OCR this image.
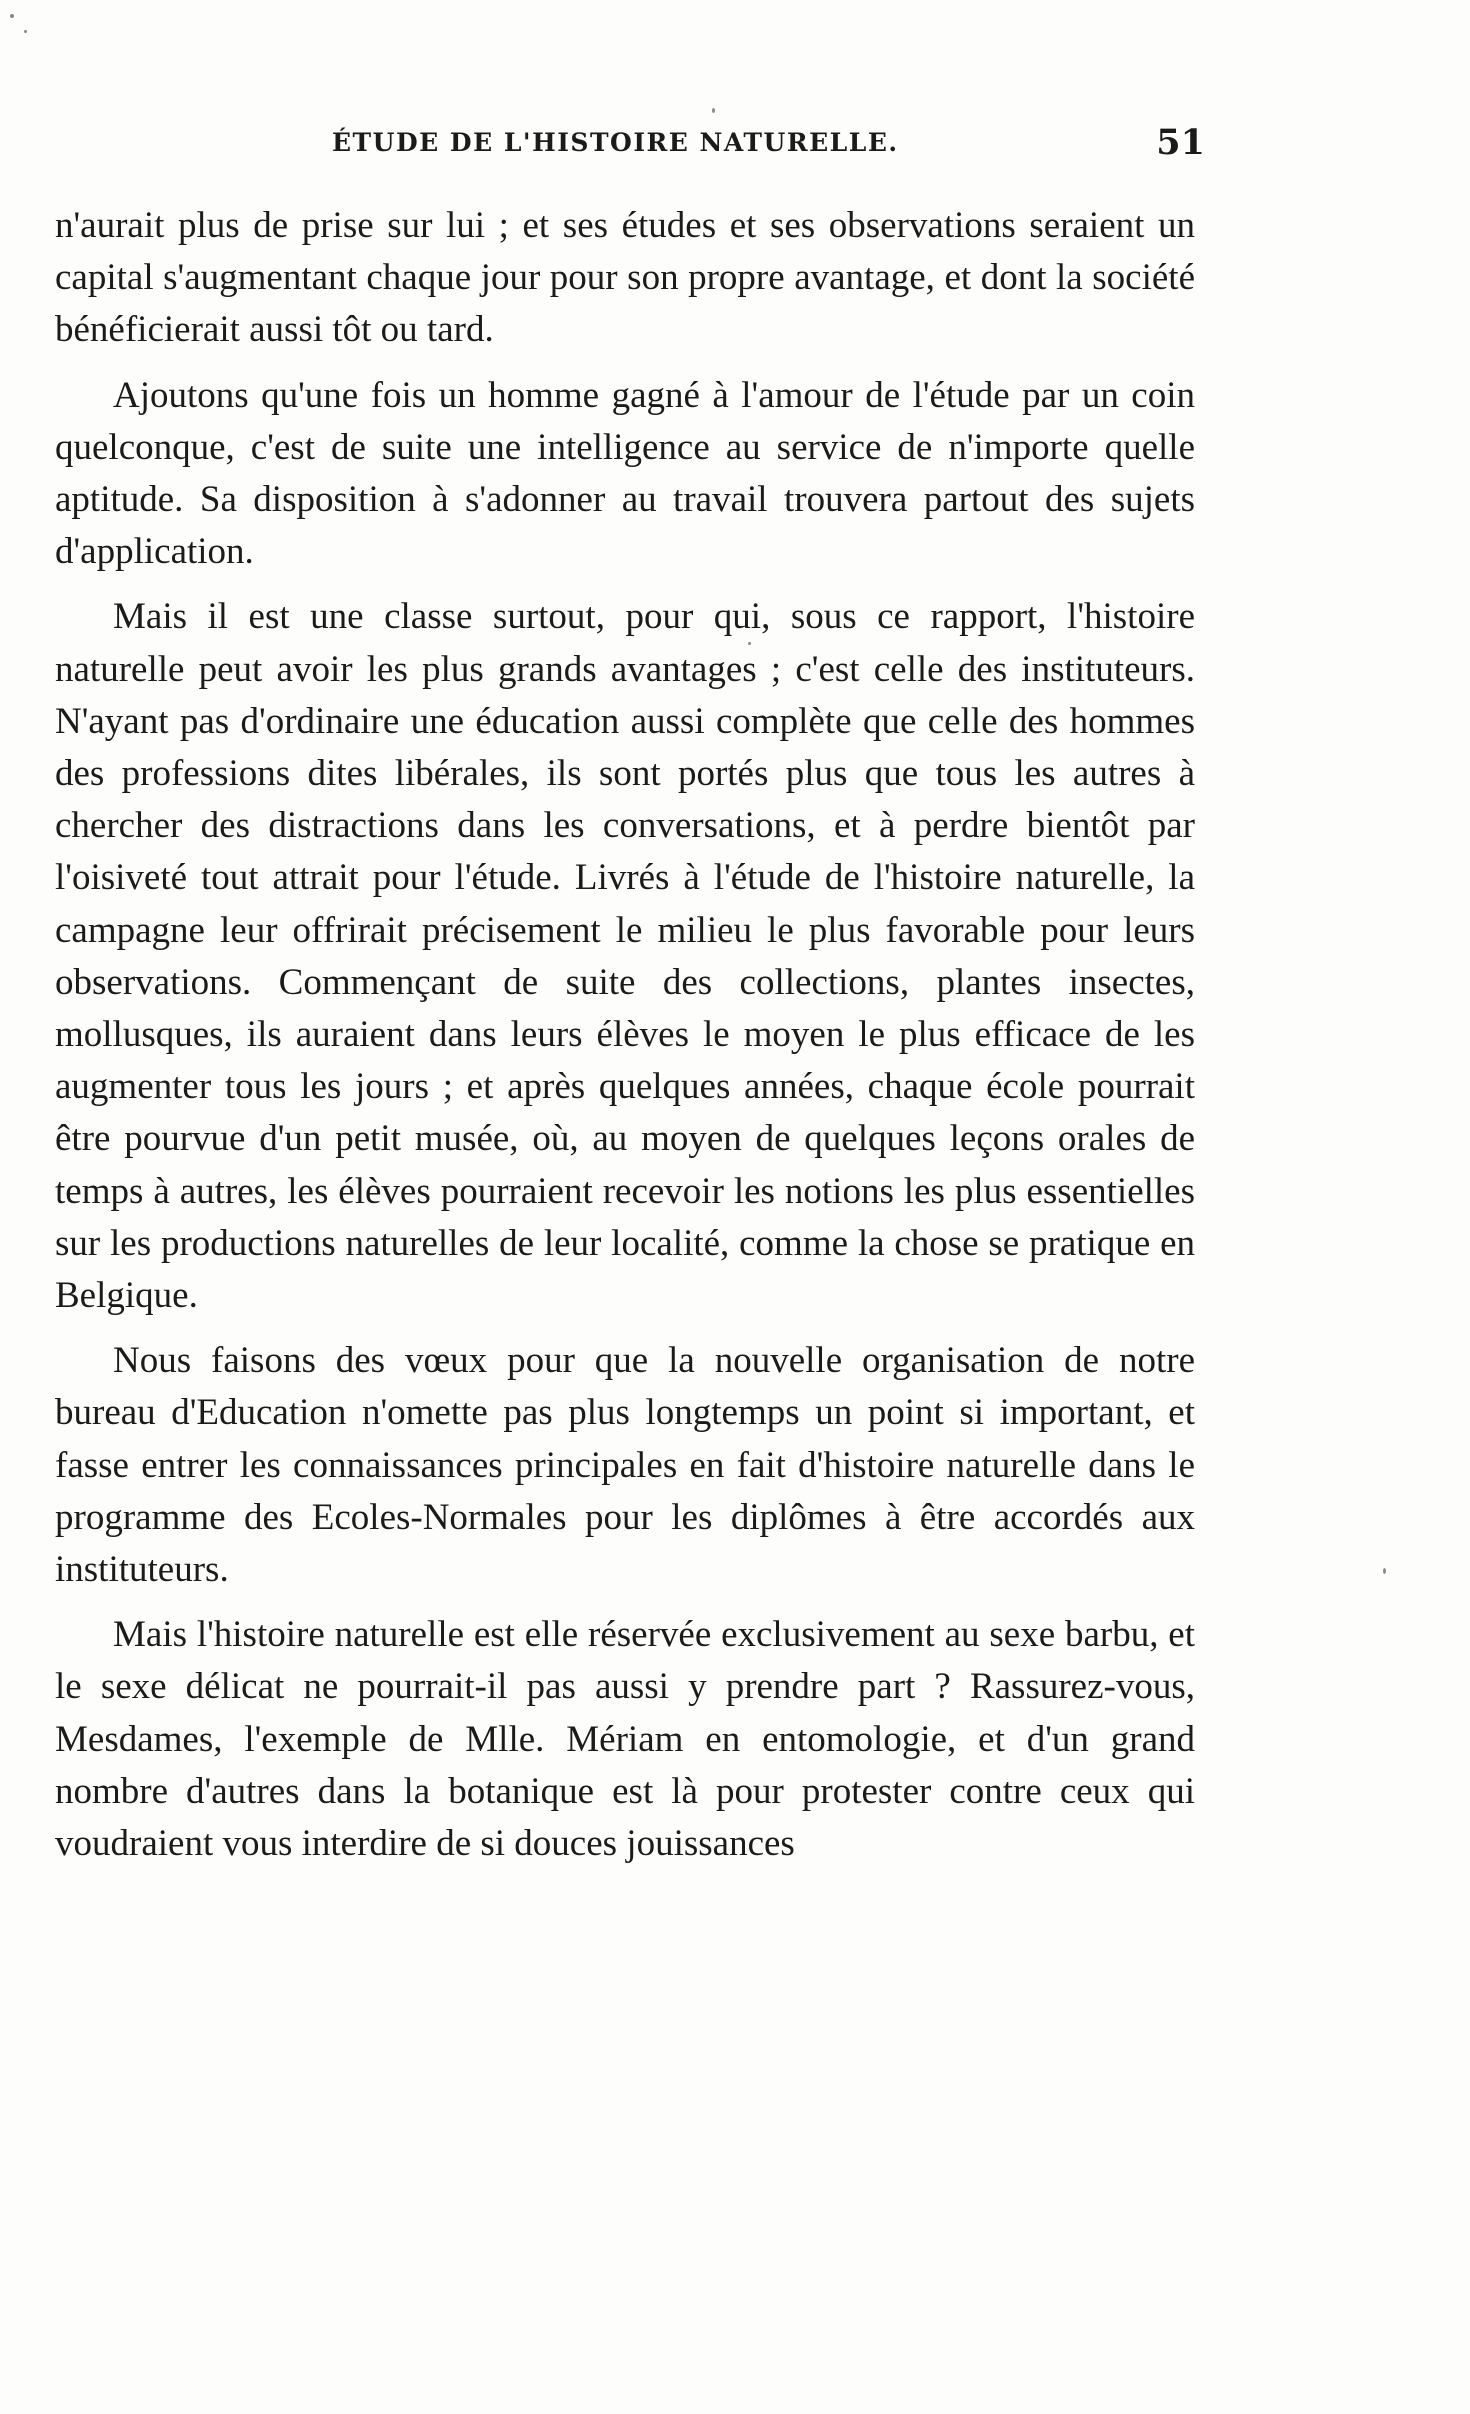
ÉTUDE DE L'HISTOIRE NATURELLE.	51

n'aurait plus de prise sur lui ; et ses études et ses observations seraient un capital s'augmentant chaque jour pour son propre avantage, et dont la société bénéficierait aussi tôt ou tard.

Ajoutons qu'une fois un homme gagné à l'amour de l'étude par un coin quelconque, c'est de suite une intelligence au service de n'importe quelle aptitude. Sa disposition à s'adonner au travail trouvera partout des sujets d'application.

Mais il est une classe surtout, pour qui, sous ce rapport, l'histoire naturelle peut avoir les plus grands avantages ; c'est celle des instituteurs. N'ayant pas d'ordinaire une éducation aussi complète que celle des hommes des professions dites libérales, ils sont portés plus que tous les autres à chercher des distractions dans les conversations, et à perdre bientôt par l'oisiveté tout attrait pour l'étude. Livrés à l'étude de l'histoire naturelle, la campagne leur offrirait précisement le milieu le plus favorable pour leurs observations. Commençant de suite des collections, plantes insectes, mollusques, ils auraient dans leurs élèves le moyen le plus efficace de les augmenter tous les jours ; et après quelques années, chaque école pourrait être pourvue d'un petit musée, où, au moyen de quelques leçons orales de temps à autres, les élèves pourraient recevoir les notions les plus essentielles sur les productions naturelles de leur localité, comme la chose se pratique en Belgique.

Nous faisons des vœux pour que la nouvelle organisation de notre bureau d'Education n'omette pas plus longtemps un point si important, et fasse entrer les connaissances principales en fait d'histoire naturelle dans le programme des Ecoles-Normales pour les diplômes à être accordés aux instituteurs.

Mais l'histoire naturelle est elle réservée exclusivement au sexe barbu, et le sexe délicat ne pourrait-il pas aussi y prendre part ? Rassurez-vous, Mesdames, l'exemple de Mlle. Mériam en entomologie, et d'un grand nombre d'autres dans la botanique est là pour protester contre ceux qui voudraient vous interdire de si douces jouissances
